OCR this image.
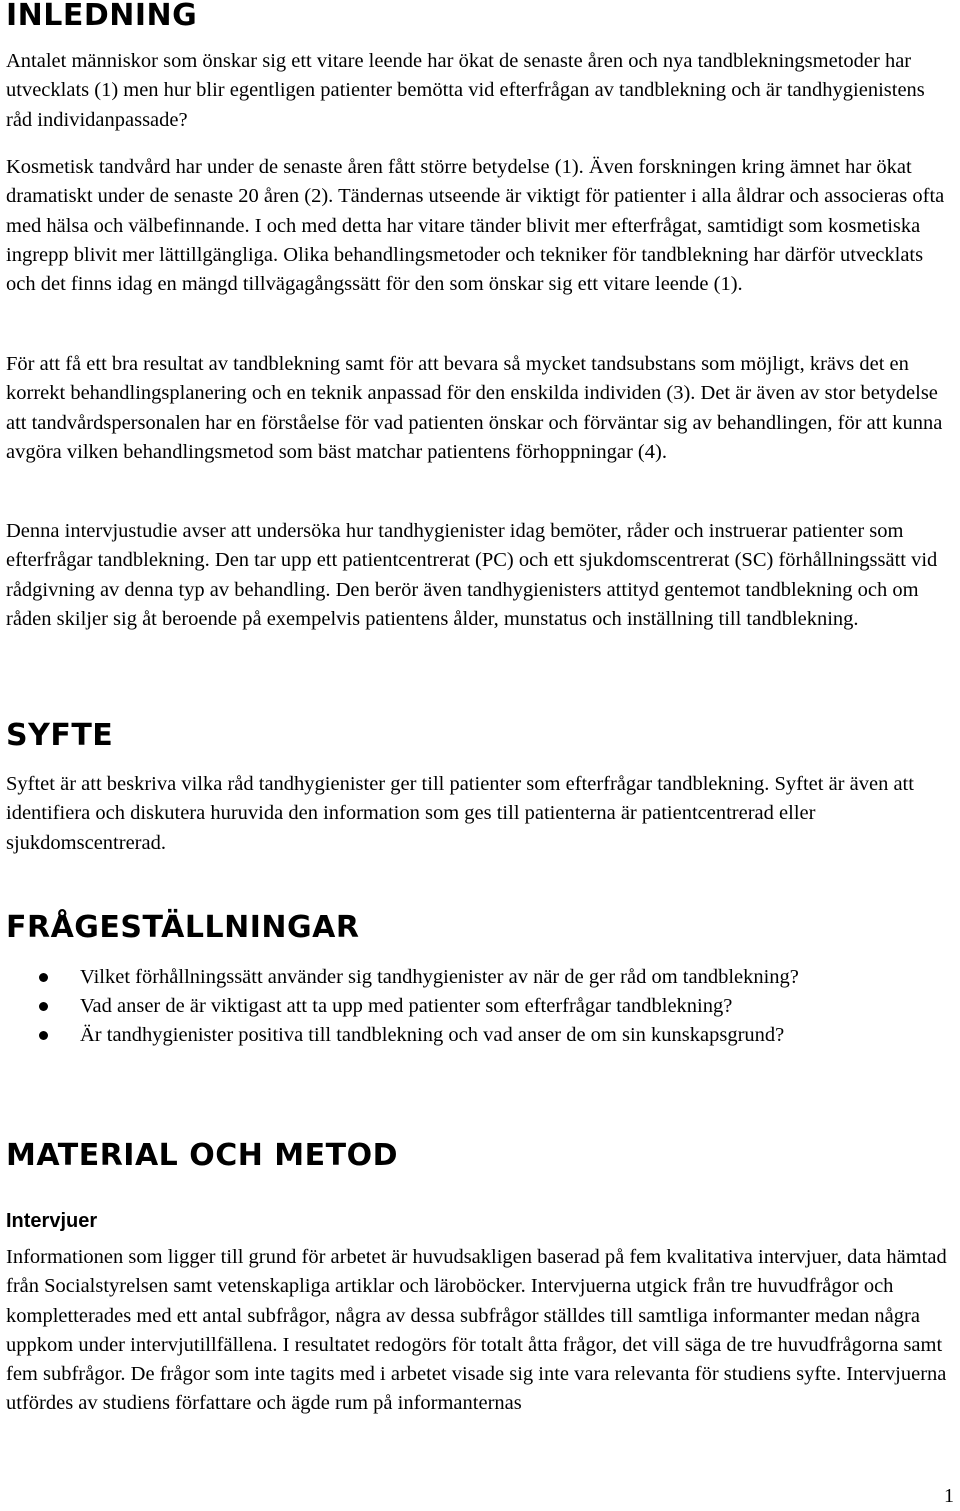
INLEDNING

Antalet människor som önskar sig ett vitare leende har ökat de senaste åren och nya tandblekningsmetoder har utvecklats (1) men hur blir egentligen patienter bemötta vid efterfrågan av tandblekning och är tandhygienistens råd individanpassade?

Kosmetisk tandvård har under de senaste åren fått större betydelse (1). Även forskningen kring ämnet har ökat dramatiskt under de senaste 20 åren (2). Tändernas utseende är viktigt för patienter i alla åldrar och associeras ofta med hälsa och välbefinnande. I och med detta har vitare tänder blivit mer efterfrågat, samtidigt som kosmetiska ingrepp blivit mer lättillgängliga. Olika behandlingsmetoder och tekniker för tandblekning har därför utvecklats och det finns idag en mängd tillvägagångssätt för den som önskar sig ett vitare leende (1).

För att få ett bra resultat av tandblekning samt för att bevara så mycket tandsubstans som möjligt, krävs det en korrekt behandlingsplanering och en teknik anpassad för den enskilda individen (3). Det är även av stor betydelse att tandvårdspersonalen har en förståelse för vad patienten önskar och förväntar sig av behandlingen, för att kunna avgöra vilken behandlingsmetod som bäst matchar patientens förhoppningar (4).

Denna intervjustudie avser att undersöka hur tandhygienister idag bemöter, råder och instruerar patienter som efterfrågar tandblekning. Den tar upp ett patientcentrerat (PC) och ett sjukdomscentrerat (SC) förhållningssätt vid rådgivning av denna typ av behandling. Den berör även tandhygienisters attityd gentemot tandblekning och om råden skiljer sig åt beroende på exempelvis patientens ålder, munstatus och inställning till tandblekning.

SYFTE

Syftet är att beskriva vilka råd tandhygienister ger till patienter som efterfrågar tandblekning. Syftet är även att identifiera och diskutera huruvida den information som ges till patienterna är patientcentrerad eller sjukdomscentrerad.

FRÅGESTÄLLNINGAR
Vilket förhållningssätt använder sig tandhygienister av när de ger råd om tandblekning?
Vad anser de är viktigast att ta upp med patienter som efterfrågar tandblekning?
Är tandhygienister positiva till tandblekning och vad anser de om sin kunskapsgrund?
MATERIAL OCH METOD
Intervjuer

Informationen som ligger till grund för arbetet är huvudsakligen baserad på fem kvalitativa intervjuer, data hämtad från Socialstyrelsen samt vetenskapliga artiklar och läroböcker. Intervjuerna utgick från tre huvudfrågor och kompletterades med ett antal subfrågor, några av dessa subfrågor ställdes till samtliga informanter medan några uppkom under intervjutillfällena. I resultatet redogörs för totalt åtta frågor, det vill säga de tre huvudfrågorna samt fem subfrågor. De frågor som inte tagits med i arbetet visade sig inte vara relevanta för studiens syfte. Intervjuerna utfördes av studiens författare och ägde rum på informanternas

1
